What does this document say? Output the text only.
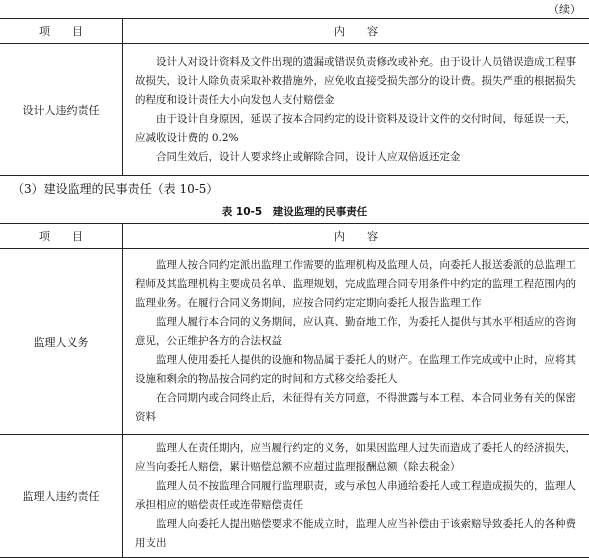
（续）
项　　目	内　　容
设计人违约责任	设计人对设计资料及文件出现的遗漏或错误负责修改或补充。由于设计人员错误造成工程事故损失，设计人除负责采取补救措施外，应免收直接受损失部分的设计费。损失严重的根据损失的程度和设计责任大小向发包人支付赔偿金

由于设计自身原因，延误了按本合同约定的设计资料及设计文件的交付时间，每延误一天，应减收设计费的 0.2%

合同生效后，设计人要求终止或解除合同，设计人应双倍返还定金

（3）建设监理的民事责任（表 10-5）
表 10-5　建设监理的民事责任
项　　目	内　　容
监理人义务	监理人按合同约定派出监理工作需要的监理机构及监理人员，向委托人报送委派的总监理工程师及其监理机构主要成员名单、监理规划，完成监理合同专用条件中约定的监理工程范围内的监理业务。在履行合同义务期间，应按合同约定定期向委托人报告监理工作

监理人履行本合同的义务期间，应认真、勤奋地工作，为委托人提供与其水平相适应的咨询意见，公正维护各方的合法权益

监理人使用委托人提供的设施和物品属于委托人的财产。在监理工作完成或中止时，应将其设施和剩余的物品按合同约定的时间和方式移交给委托人

在合同期内或合同终止后，未征得有关方同意，不得泄露与本工程、本合同业务有关的保密资料

监理人违约责任	监理人在责任期内，应当履行约定的义务，如果因监理人过失而造成了委托人的经济损失，应当向委托人赔偿，累计赔偿总额不应超过监理报酬总额（除去税金）

监理人员不按监理合同履行监理职责，或与承包人串通给委托人或工程造成损失的，监理人承担相应的赔偿责任或连带赔偿责任

监理人向委托人提出赔偿要求不能成立时，监理人应当补偿由于该索赔导致委托人的各种费用支出
